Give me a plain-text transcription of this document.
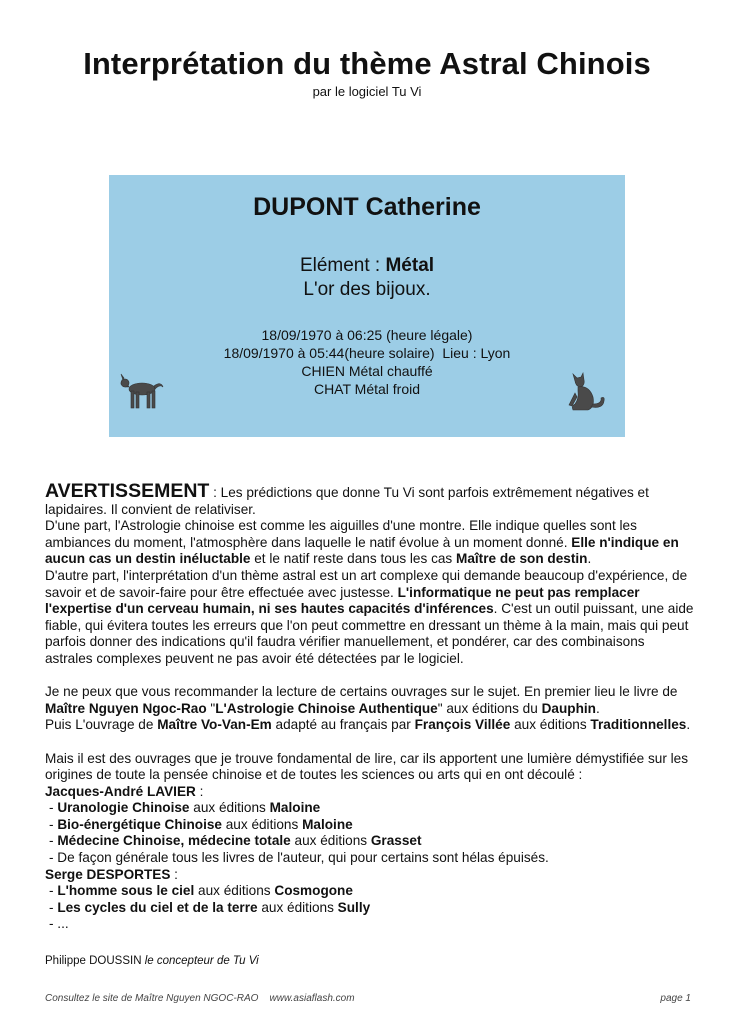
Interprétation du thème Astral Chinois
par le logiciel Tu Vi
DUPONT Catherine
Elément : Métal
L'or des bijoux.
18/09/1970 à 06:25 (heure légale)
18/09/1970 à 05:44(heure solaire)  Lieu : Lyon
CHIEN Métal chauffé
CHAT Métal froid

AVERTISSEMENT : Les prédictions que donne Tu Vi sont parfois extrêmement négatives et lapidaires. Il convient de relativiser.
D'une part, l'Astrologie chinoise est comme les aiguilles d'une montre. Elle indique quelles sont les ambiances du moment, l'atmosphère dans laquelle le natif évolue à un moment donné. Elle n'indique en aucun cas un destin inéluctable et le natif reste dans tous les cas Maître de son destin.
D'autre part, l'interprétation d'un thème astral est un art complexe qui demande beaucoup d'expérience, de savoir et de savoir-faire pour être effectuée avec justesse. L'informatique ne peut pas remplacer l'expertise d'un cerveau humain, ni ses hautes capacités d'inférences. C'est un outil puissant, une aide fiable, qui évitera toutes les erreurs que l'on peut commettre en dressant un thème à la main, mais qui peut parfois donner des indications qu'il faudra vérifier manuellement, et pondérer, car des combinaisons astrales complexes peuvent ne pas avoir été détectées par le logiciel.

Je ne peux que vous recommander la lecture de certains ouvrages sur le sujet. En premier lieu le livre de Maître Nguyen Ngoc-Rao "L'Astrologie Chinoise Authentique" aux éditions du Dauphin.
Puis L'ouvrage de Maître Vo-Van-Em adapté au français par François Villée aux éditions Traditionnelles.

Mais il est des ouvrages que je trouve fondamental de lire, car ils apportent une lumière démystifiée sur les origines de toute la pensée chinoise et de toutes les sciences ou arts qui en ont découlé :

Jacques-André LAVIER :
- Uranologie Chinoise aux éditions Maloine
- Bio-énergétique Chinoise aux éditions Maloine
- Médecine Chinoise, médecine totale aux éditions Grasset
- De façon générale tous les livres de l'auteur, qui pour certains sont hélas épuisés.
Serge DESPORTES :
- L'homme sous le ciel aux éditions Cosmogone
- Les cycles du ciel et de la terre aux éditions Sully
- ...
Philippe DOUSSIN le concepteur de Tu Vi
Consultez le site de Maître Nguyen NGOC-RAO    www.asiaflash.com	page 1
